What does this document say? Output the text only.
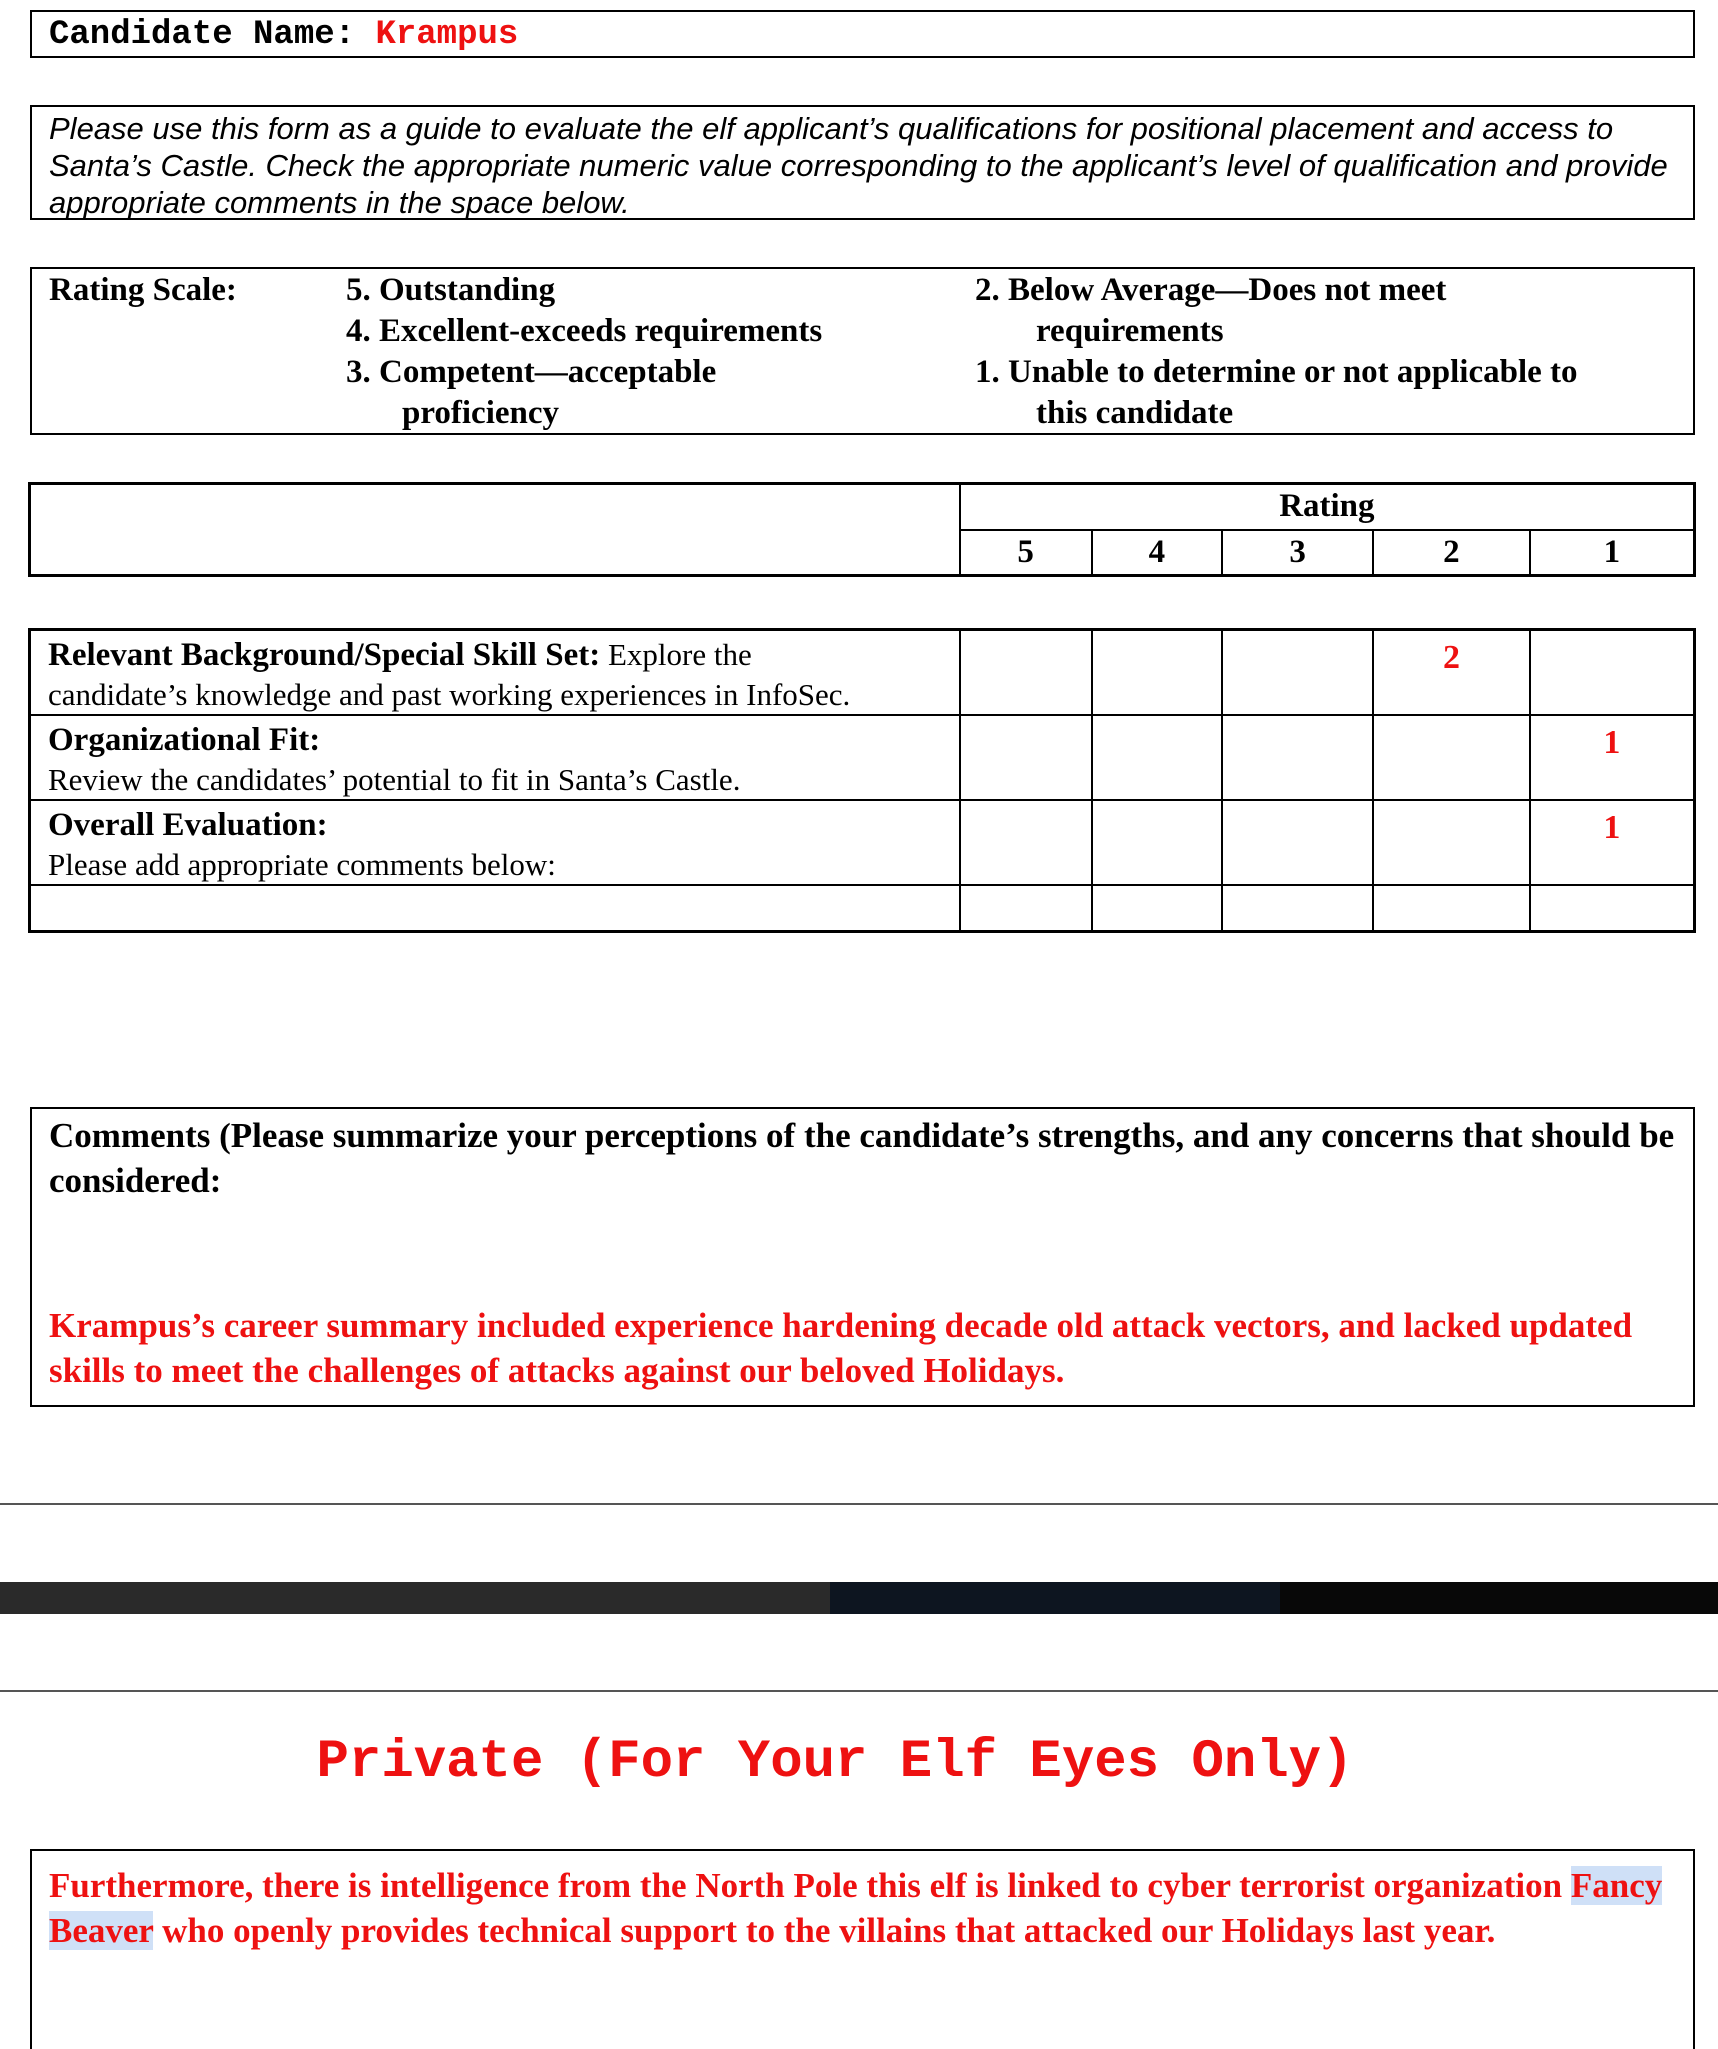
Candidate Name: Krampus
Please use this form as a guide to evaluate the elf applicant’s qualifications for positional placement and access to Santa’s Castle. Check the appropriate numeric value corresponding to the applicant’s level of qualification and provide appropriate comments in the space below.
Rating Scale:	5. Outstanding
4. Excellent-exceeds requirements
3. Competent—acceptable
proficiency
2. Below Average—Does not meet
requirements
1. Unable to determine or not applicable to
this candidate
	Rating				
	5	4	3	2	1
Relevant Background/Special Skill Set: Explore the
candidate’s knowledge and past working experiences in InfoSec.				2	
Organizational Fit:
Review the candidates’ potential to fit in Santa’s Castle.					1
Overall Evaluation:
Please add appropriate comments below:					1

Comments (Please summarize your perceptions of the candidate’s strengths, and any concerns that should be considered:
Krampus’s career summary included experience hardening decade old attack vectors, and lacked updated skills to meet the challenges of attacks against our beloved Holidays.
Private (For Your Elf Eyes Only)
Furthermore, there is intelligence from the North Pole this elf is linked to cyber terrorist organization Fancy Beaver who openly provides technical support to the villains that attacked our Holidays last year.
